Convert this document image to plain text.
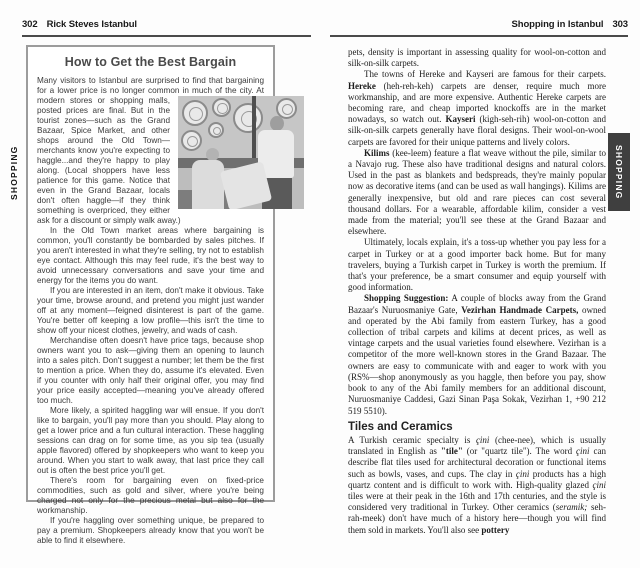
302 Rick Steves Istanbul	Shopping in Istanbul 303
SHOPPING	SHOPPING
How to Get the Best Bargain
Many visitors to Istanbul are surprised to find that bargaining for a lower price is no longer common in much of the city. At

modern stores or shopping malls, posted prices are final. But in the tourist zones—such as the Grand Bazaar, Spice Market, and other shops around the Old Town—merchants know you're expecting to haggle...and they're happy to play along. (Local shoppers have less patience for this game. Notice that even in the Grand Bazaar, locals don't often haggle—if they think something is overpriced, they either ask for a discount or simply walk away.)

In the Old Town market areas where bargaining is common, you'll constantly be bombarded by sales pitches. If you aren't interested in what they're selling, try not to establish eye contact. Although this may feel rude, it's the best way to avoid unnecessary conversations and save your time and energy for the items you do want.

If you are interested in an item, don't make it obvious. Take your time, browse around, and pretend you might just wander off at any moment—feigned disinterest is part of the game. You're better off keeping a low profile—this isn't the time to show off your nicest clothes, jewelry, and wads of cash.

Merchandise often doesn't have price tags, because shop owners want you to ask—giving them an opening to launch into a sales pitch. Don't suggest a number; let them be the first to mention a price. When they do, assume it's elevated. Even if you counter with only half their original offer, you may find your price easily accepted—meaning you've already offered too much.

More likely, a spirited haggling war will ensue. If you don't like to bargain, you'll pay more than you should. Play along to get a lower price and a fun cultural interaction. These haggling sessions can drag on for some time, as you sip tea (usually apple flavored) offered by shopkeepers who want to keep you around. When you start to walk away, that last price they call out is often the best price you'll get.

There's room for bargaining even on fixed-price commodities, such as gold and silver, where you're being charged not only for the precious metal but also for the workmanship.

If you're haggling over something unique, be prepared to pay a premium. Shopkeepers already know that you won't be able to find it elsewhere.

pets, density is important in assessing quality for wool-on-cotton and silk-on-silk carpets.

The towns of Hereke and Kayseri are famous for their carpets. Hereke (heh-reh-keh) carpets are denser, require much more workmanship, and are more expensive. Authentic Hereke carpets are becoming rare, and cheap imported knockoffs are in the market nowadays, so watch out. Kayseri (kigh-seh-rih) wool-on-cotton and silk-on-silk carpets generally have floral designs. Their wool-on-wool carpets are favored for their unique patterns and lively colors.

Kilims (kee-leem) feature a flat weave without the pile, similar to a Navajo rug. These also have traditional designs and natural colors. Used in the past as blankets and bedspreads, they're mainly popular now as decorative items (and can be used as wall hangings). Kilims are generally inexpensive, but old and rare pieces can cost several thousand dollars. For a wearable, affordable kilim, consider a vest made from the material; you'll see these at the Grand Bazaar and elsewhere.

Ultimately, locals explain, it's a toss-up whether you pay less for a carpet in Turkey or at a good importer back home. But for many travelers, buying a Turkish carpet in Turkey is worth the premium. If that's your preference, be a smart consumer and equip yourself with good information.

Shopping Suggestion: A couple of blocks away from the Grand Bazaar's Nuruosmaniye Gate, Vezirhan Handmade Carpets, owned and operated by the Abi family from eastern Turkey, has a good collection of tribal carpets and kilims at decent prices, as well as vintage carpets and the usual varieties found elsewhere. Vezirhan is a competitor of the more well-known stores in the Grand Bazaar. The owners are easy to communicate with and eager to work with you (RS%—shop anonymously as you haggle, then before you pay, show book to any of the Abi family members for an additional discount, Nuruosmaniye Caddesi, Gazi Sinan Paşa Sokak, Vezirhan 1, +90 212 519 5510).

Tiles and Ceramics

A Turkish ceramic specialty is çini (chee-nee), which is usually translated in English as "tile" (or "quartz tile"). The word çini can describe flat tiles used for architectural decoration or functional items such as bowls, vases, and cups. The clay in çini products has a high quartz content and is difficult to work with. High-quality glazed çini tiles were at their peak in the 16th and 17th centuries, and the style is considered very traditional in Turkey. Other ceramics (seramik; seh-rah-meek) don't have much of a history here—though you will find them sold in markets. You'll also see pottery
